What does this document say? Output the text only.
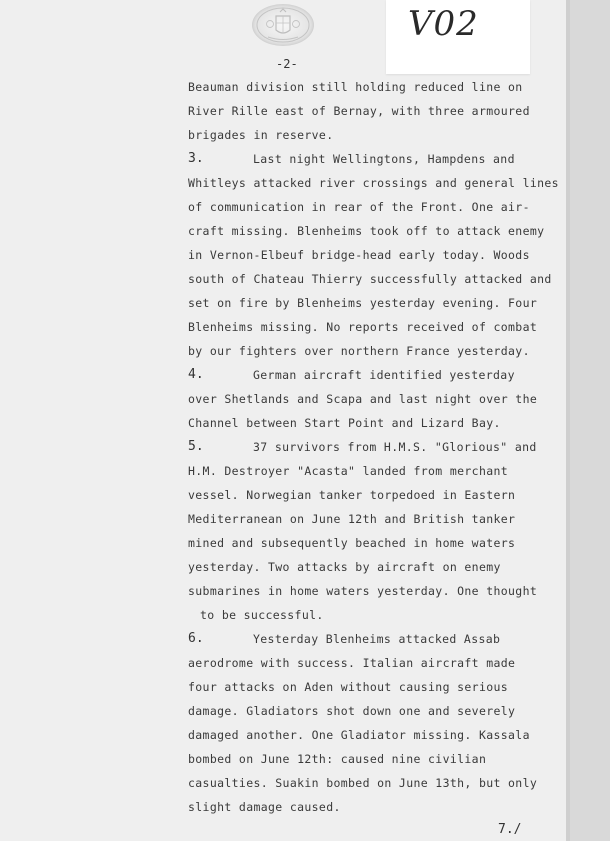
V02
-2-
Beauman division still holding reduced line on
River Rille east of Bernay, with three armoured
brigades in reserve.
3.	Last night Wellingtons, Hampdens and
Whitleys attacked river crossings and general lines
of communication in rear of the Front. One air-
craft missing. Blenheims took off to attack enemy
in Vernon-Elbeuf bridge-head early today. Woods
south of Chateau Thierry successfully attacked and
set on fire by Blenheims yesterday evening. Four
Blenheims missing. No reports received of combat
by our fighters over northern France yesterday.
4.	German aircraft identified yesterday
over Shetlands and Scapa and last night over the
Channel between Start Point and Lizard Bay.
5.	37 survivors from H.M.S. "Glorious" and
H.M. Destroyer "Acasta" landed from merchant
vessel. Norwegian tanker torpedoed in Eastern
Mediterranean on June 12th and British tanker
mined and subsequently beached in home waters
yesterday. Two attacks by aircraft on enemy
submarines in home waters yesterday. One thought
to be successful.
6.	Yesterday Blenheims attacked Assab
aerodrome with success. Italian aircraft made
four attacks on Aden without causing serious
damage. Gladiators shot down one and severely
damaged another. One Gladiator missing. Kassala
bombed on June 12th: caused nine civilian
casualties. Suakin bombed on June 13th, but only
slight damage caused.
7./
